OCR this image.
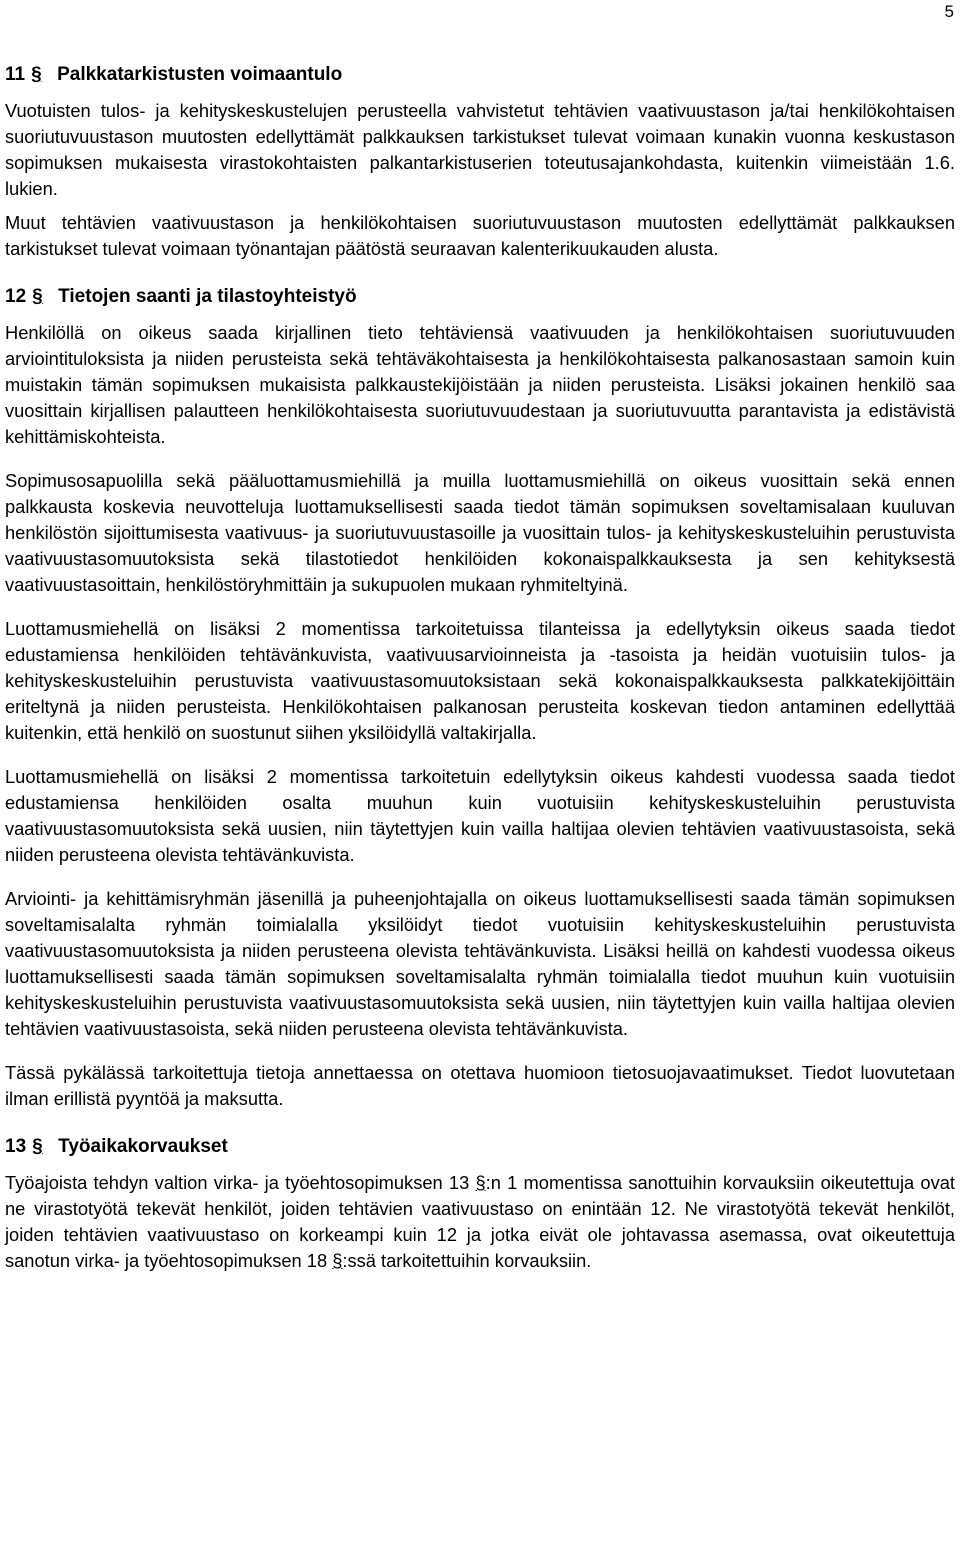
5
11 § Palkkatarkistusten voimaantulo

Vuotuisten tulos- ja kehityskeskustelujen perusteella vahvistetut tehtävien vaativuustason ja/tai henkilökohtaisen suoriutuvuustason muutosten edellyttämät palkkauksen tarkistukset tulevat voimaan kunakin vuonna keskustason sopimuksen mukaisesta virastokohtaisten palkantarkistuserien toteutusajankohdasta, kuitenkin viimeistään 1.6. lukien.

Muut tehtävien vaativuustason ja henkilökohtaisen suoriutuvuustason muutosten edellyttämät palkkauksen tarkistukset tulevat voimaan työnantajan päätöstä seuraavan kalenterikuukauden alusta.

12 § Tietojen saanti ja tilastoyhteistyö

Henkilöllä on oikeus saada kirjallinen tieto tehtäviensä vaativuuden ja henkilökohtaisen suoriutuvuuden arviointituloksista ja niiden perusteista sekä tehtäväkohtaisesta ja henkilökohtaisesta palkanosastaan samoin kuin muistakin tämän sopimuksen mukaisista palkkaustekijöistään ja niiden perusteista. Lisäksi jokainen henkilö saa vuosittain kirjallisen palautteen henkilökohtaisesta suoriutuvuudestaan ja suoriutuvuutta parantavista ja edistävistä kehittämiskohteista.

Sopimusosapuolilla sekä pääluottamusmiehillä ja muilla luottamusmiehillä on oikeus vuosittain sekä ennen palkkausta koskevia neuvotteluja luottamuksellisesti saada tiedot tämän sopimuksen soveltamisalaan kuuluvan henkilöstön sijoittumisesta vaativuus- ja suoriutuvuustasoille ja vuosittain tulos- ja kehityskeskusteluihin perustuvista vaativuustasomuutoksista sekä tilastotiedot henkilöiden kokonaispalkkauksesta ja sen kehityksestä vaativuustasoittain, henkilöstöryhmittäin ja sukupuolen mukaan ryhmiteltyinä.

Luottamusmiehellä on lisäksi 2 momentissa tarkoitetuissa tilanteissa ja edellytyksin oikeus saada tiedot edustamiensa henkilöiden tehtävänkuvista, vaativuusarvioinneista ja -tasoista ja heidän vuotuisiin tulos- ja kehityskeskusteluihin perustuvista vaativuustasomuutoksistaan sekä kokonaispalkkauksesta palkkatekijöittäin eriteltynä ja niiden perusteista. Henkilökohtaisen palkanosan perusteita koskevan tiedon antaminen edellyttää kuitenkin, että henkilö on suostunut siihen yksilöidyllä valtakirjalla.

Luottamusmiehellä on lisäksi 2 momentissa tarkoitetuin edellytyksin oikeus kahdesti vuodessa saada tiedot edustamiensa henkilöiden osalta muuhun kuin vuotuisiin kehityskeskusteluihin perustuvista vaativuustasomuutoksista sekä uusien, niin täytettyjen kuin vailla haltijaa olevien tehtävien vaativuustasoista, sekä niiden perusteena olevista tehtävänkuvista.

Arviointi- ja kehittämisryhmän jäsenillä ja puheenjohtajalla on oikeus luottamuksellisesti saada tämän sopimuksen soveltamisalalta ryhmän toimialalla yksilöidyt tiedot vuotuisiin kehityskeskusteluihin perustuvista vaativuustasomuutoksista ja niiden perusteena olevista tehtävänkuvista. Lisäksi heillä on kahdesti vuodessa oikeus luottamuksellisesti saada tämän sopimuksen soveltamisalalta ryhmän toimialalla tiedot muuhun kuin vuotuisiin kehityskeskusteluihin perustuvista vaativuustasomuutoksista sekä uusien, niin täytettyjen kuin vailla haltijaa olevien tehtävien vaativuustasoista, sekä niiden perusteena olevista tehtävänkuvista.

Tässä pykälässä tarkoitettuja tietoja annettaessa on otettava huomioon tietosuojavaatimukset. Tiedot luovutetaan ilman erillistä pyyntöä ja maksutta.

13 § Työaikakorvaukset

Työajoista tehdyn valtion virka- ja työehtosopimuksen 13 §:n 1 momentissa sanottuihin korvauksiin oikeutettuja ovat ne virastotyötä tekevät henkilöt, joiden tehtävien vaativuustaso on enintään 12. Ne virastotyötä tekevät henkilöt, joiden tehtävien vaativuustaso on korkeampi kuin 12 ja jotka eivät ole johtavassa asemassa, ovat oikeutettuja sanotun virka- ja työehtosopimuksen 18 §:ssä tarkoitettuihin korvauksiin.
